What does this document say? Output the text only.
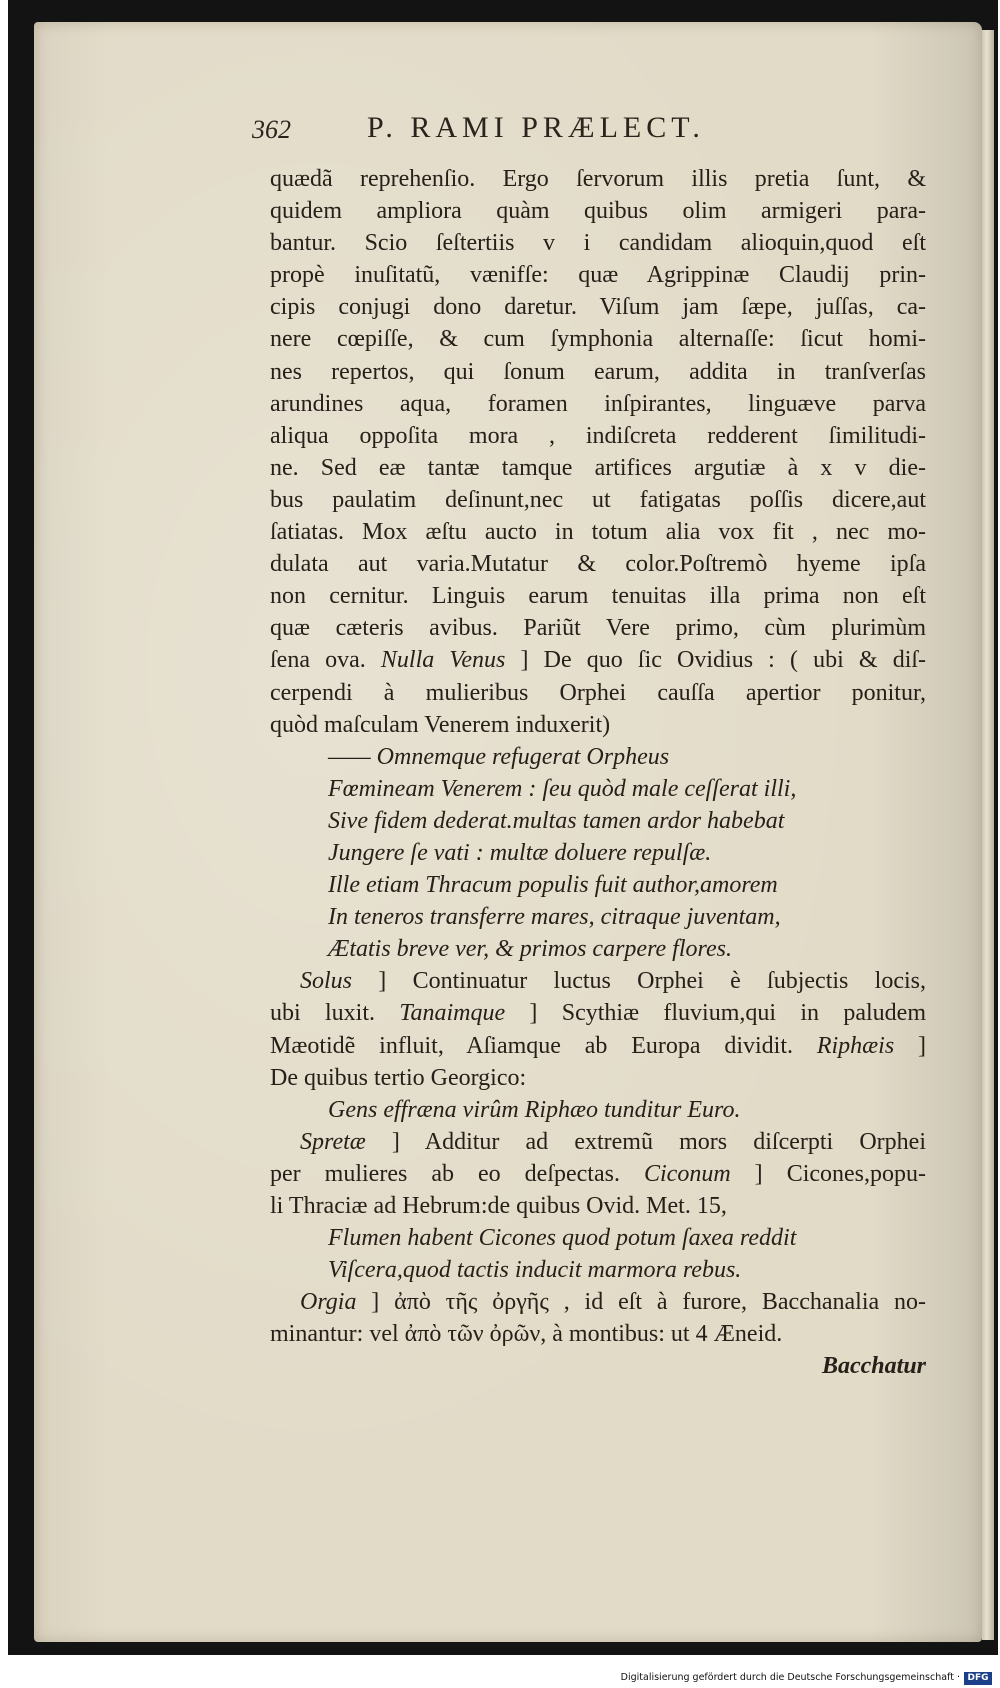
362	P. RAMI PRÆLECT.
quædã reprehenſio. Ergo ſervorum illis pretia ſunt, &
quidem ampliora quàm quibus olim armigeri para-
bantur. Scio ſeſtertiis v i candidam alioquin,quod eſt
propè inuſitatũ, vænifſe: quæ Agrippinæ Claudij prin-
cipis conjugi dono daretur. Viſum jam ſæpe, juſſas, ca-
nere cœpiſſe, & cum ſymphonia alternaſſe: ſicut homi-
nes repertos, qui ſonum earum, addita in tranſverſas
arundines aqua, foramen inſpirantes, linguæve parva
aliqua oppoſita mora , indiſcreta redderent ſimilitudi-
ne. Sed eæ tantæ tamque artifices argutiæ à x v die-
bus paulatim deſinunt,nec ut fatigatas poſſis dicere,aut
ſatiatas. Mox æſtu aucto in totum alia vox fit , nec mo-
dulata aut varia.Mutatur & color.Poſtremò hyeme ipſa
non cernitur. Linguis earum tenuitas illa prima non eſt
quæ cæteris avibus. Pariũt Vere primo, cùm plurimùm
ſena ova. Nulla Venus ] De quo ſic Ovidius : ( ubi & diſ-
cerpendi à mulieribus Orphei cauſſa apertior ponitur,
quòd maſculam Venerem induxerit)
—— Omnemque refugerat Orpheus
Fœmineam Venerem : ſeu quòd male ceſſerat illi,
Sive fidem dederat.multas tamen ardor habebat
Jungere ſe vati : multæ doluere repulſæ.
Ille etiam Thracum populis fuit author,amorem
In teneros transferre mares, citraque juventam,
Ætatis breve ver, & primos carpere flores.
Solus ] Continuatur luctus Orphei è ſubjectis locis,
ubi luxit. Tanaimque ] Scythiæ fluvium,qui in paludem
Mæotidẽ influit, Aſiamque ab Europa dividit. Riphæis ]
De quibus tertio Georgico:
Gens effræna virûm Riphæo tunditur Euro.
Spretæ ] Additur ad extremũ mors diſcerpti Orphei
per mulieres ab eo deſpectas. Ciconum ] Cicones,popu-
li Thraciæ ad Hebrum:de quibus Ovid. Met. 15,
Flumen habent Cicones quod potum ſaxea reddit
Viſcera,quod tactis inducit marmora rebus.
Orgia ] ἀπὸ τῆς ὀργῆς , id eſt à furore, Bacchanalia no-
minantur: vel ἀπὸ τῶν ὀρῶν, à montibus: ut 4 Æneid.
Bacchatur
Digitalisierung gefördert durch die Deutsche Forschungsgemeinschaft · DFG
